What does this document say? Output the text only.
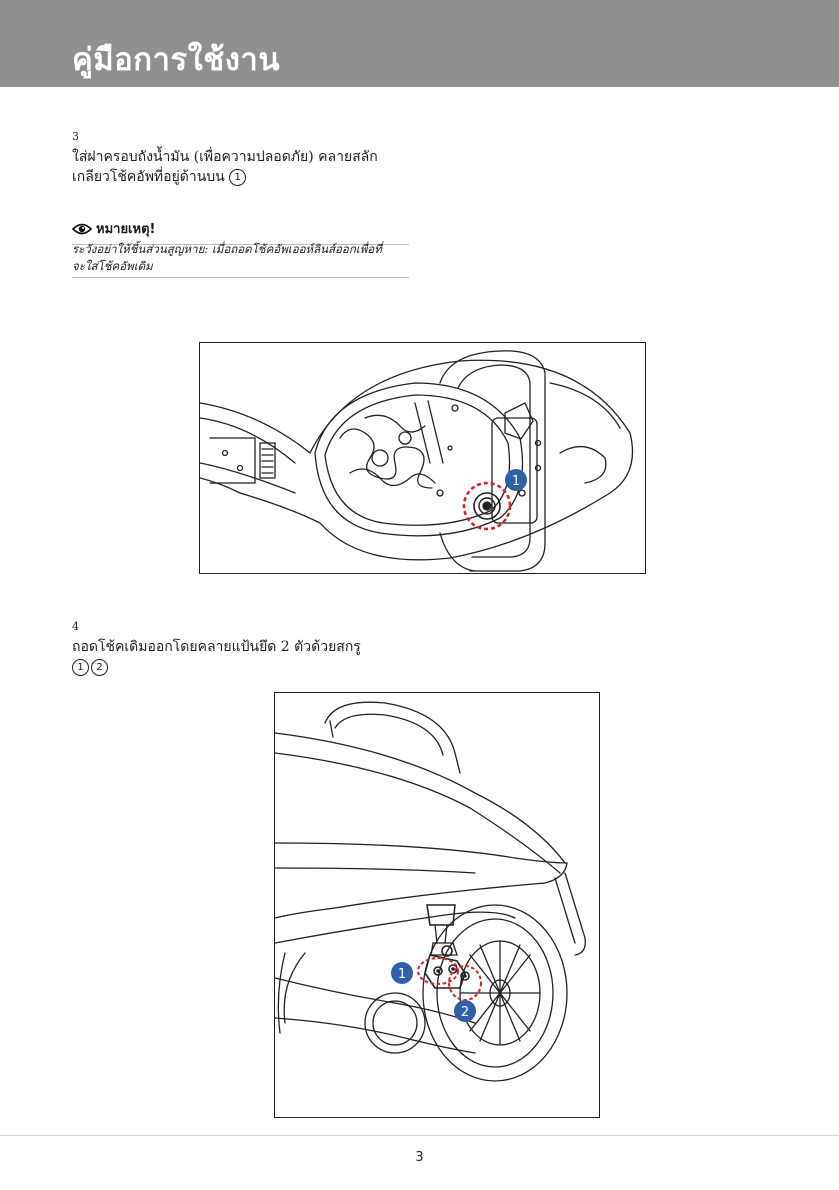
คู่มือการใช้งาน
3
ใส่ฝาครอบถังน้ำมัน (เพื่อความปลอดภัย) คลายสลัก
เกลียวโช้คอัพที่อยู่ด้านบน 1
หมายเหตุ!
ระวังอย่าให้ชิ้นส่วนสูญหาย: เมื่อถอดโช้คอัพเออห์ลินส์ออกเพื่อที่
จะใส่โช้คอัพเดิม
1
4
ถอดโช้คเดิมออกโดยคลายแป้นยึด 2 ตัวด้วยสกรู
1 2
1
2
3
